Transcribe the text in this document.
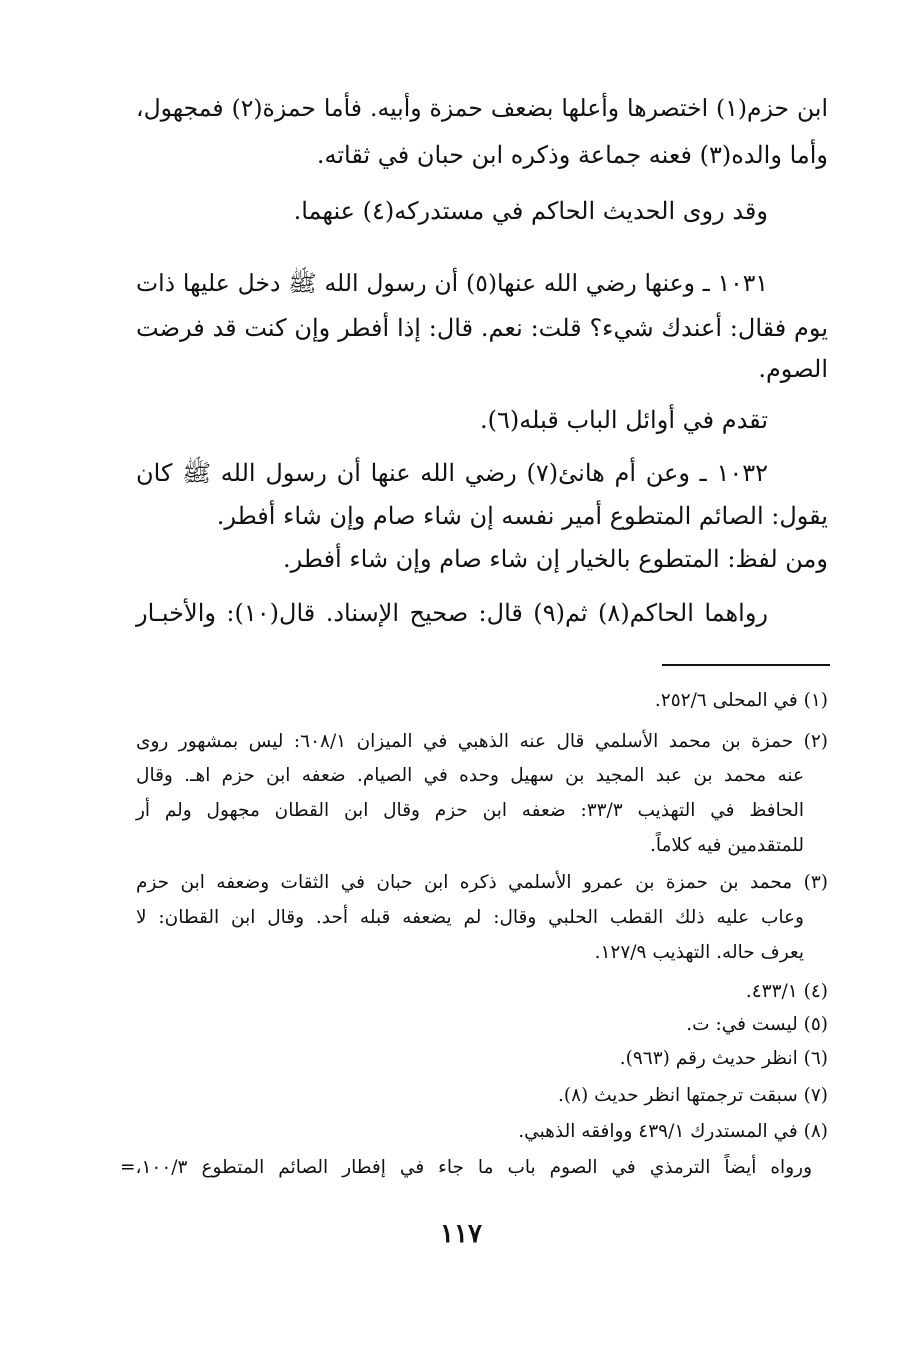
ابن حزم(١) اختصرها وأعلها بضعف حمزة وأبيه. فأما حمزة(٢) فمجهول،
وأما والده(٣) فعنه جماعة وذكره ابن حبان في ثقاته.
وقد روى الحديث الحاكم في مستدركه(٤) عنهما.
١٠٣١ ـ وعنها رضي الله عنها(٥) أن رسول الله ﷺ دخل عليها ذات
يوم فقال: أعندك شيء؟ قلت: نعم. قال: إذا أفطر وإن كنت قد فرضت
الصوم.
تقدم في أوائل الباب قبله(٦).
١٠٣٢ ـ وعن أم هانئ(٧) رضي الله عنها أن رسول الله ﷺ كان
يقول: الصائم المتطوع أمير نفسه إن شاء صام وإن شاء أفطر.
ومن لفظ: المتطوع بالخيار إن شاء صام وإن شاء أفطر.
رواهما الحاكم(٨) ثم(٩) قال: صحيح الإسناد. قال(١٠): والأخبـار
(١) في المحلى ٢٥٢/٦.
(٢) حمزة بن محمد الأسلمي قال عنه الذهبي في الميزان ٦٠٨/١: ليس بمشهور روى
عنه محمد بن عبد المجيد بن سهيل وحده في الصيام. ضعفه ابن حزم اهـ. وقال
الحافظ في التهذيب ٣٣/٣: ضعفه ابن حزم وقال ابن القطان مجهول ولم أر
للمتقدمين فيه كلاماً.
(٣) محمد بن حمزة بن عمرو الأسلمي ذكره ابن حبان في الثقات وضعفه ابن حزم
وعاب عليه ذلك القطب الحلبي وقال: لم يضعفه قبله أحد. وقال ابن القطان: لا
يعرف حاله. التهذيب ١٢٧/٩.
(٤) ٤٣٣/١.
(٥) ليست في: ت.
(٦) انظر حديث رقم (٩٦٣).
(٧) سبقت ترجمتها انظر حديث (٨).
(٨) في المستدرك ٤٣٩/١ ووافقه الذهبي.
ورواه أيضاً الترمذي في الصوم باب ما جاء في إفطار الصائم المتطوع ١٠٠/٣،=
١١٧
